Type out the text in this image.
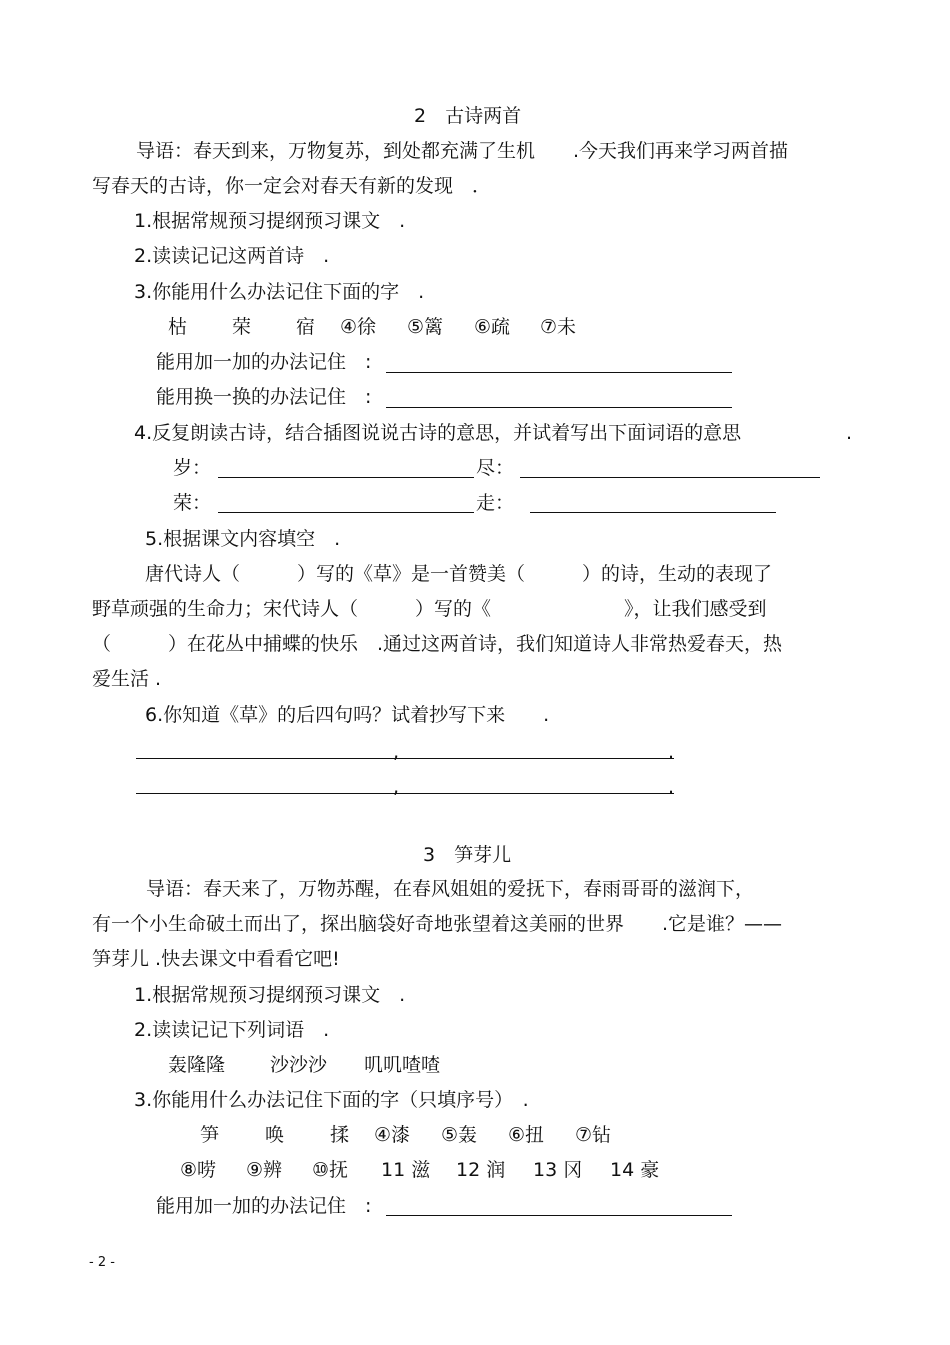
2　古诗两首
导语：春天到来，万物复苏，到处都充满了生机　　.今天我们再来学习两首描
写春天的古诗，你一定会对春天有新的发现　．
1.根据常规预习提纲预习课文　.
2.读读记记这两首诗　.
3.你能用什么办法记住下面的字　.
枯 荣 宿 ④徐 ⑤篱 ⑥疏 ⑦未
能用加一加的办法记住　:
能用换一换的办法记住　:
4.反复朗读古诗，结合插图说说古诗的意思，并试着写出下面词语的意思	.
岁：	尽：
荣：	走：
5.根据课文内容填空　.
唐代诗人（　　　）写的《草》是一首赞美（　　　）的诗，生动的表现了
野草顽强的生命力；宋代诗人（　　　）写的《　　　　　　　》，让我们感受到
（　　　）在花丛中捕蝶的快乐　.通过这两首诗，我们知道诗人非常热爱春天，热
爱生活 .
6.你知道《草》的后四句吗？试着抄写下来　　.
,	.
,	.
3　笋芽儿
导语：春天来了，万物苏醒，在春风姐姐的爱抚下，春雨哥哥的滋润下，
有一个小生命破土而出了，探出脑袋好奇地张望着这美丽的世界　　.它是谁？——
笋芽儿 .快去课文中看看它吧!
1.根据常规预习提纲预习课文　.
2.读读记记下列词语　.
轰隆隆 沙沙沙 叽叽喳喳
3.你能用什么办法记住下面的字（只填序号）　.
笋 唤 揉 ④漆 ⑤轰 ⑥扭 ⑦钻
⑧唠 ⑨辨 ⑩抚 11 滋 12 润 13 冈 14 豪
能用加一加的办法记住　:
- 2 -
